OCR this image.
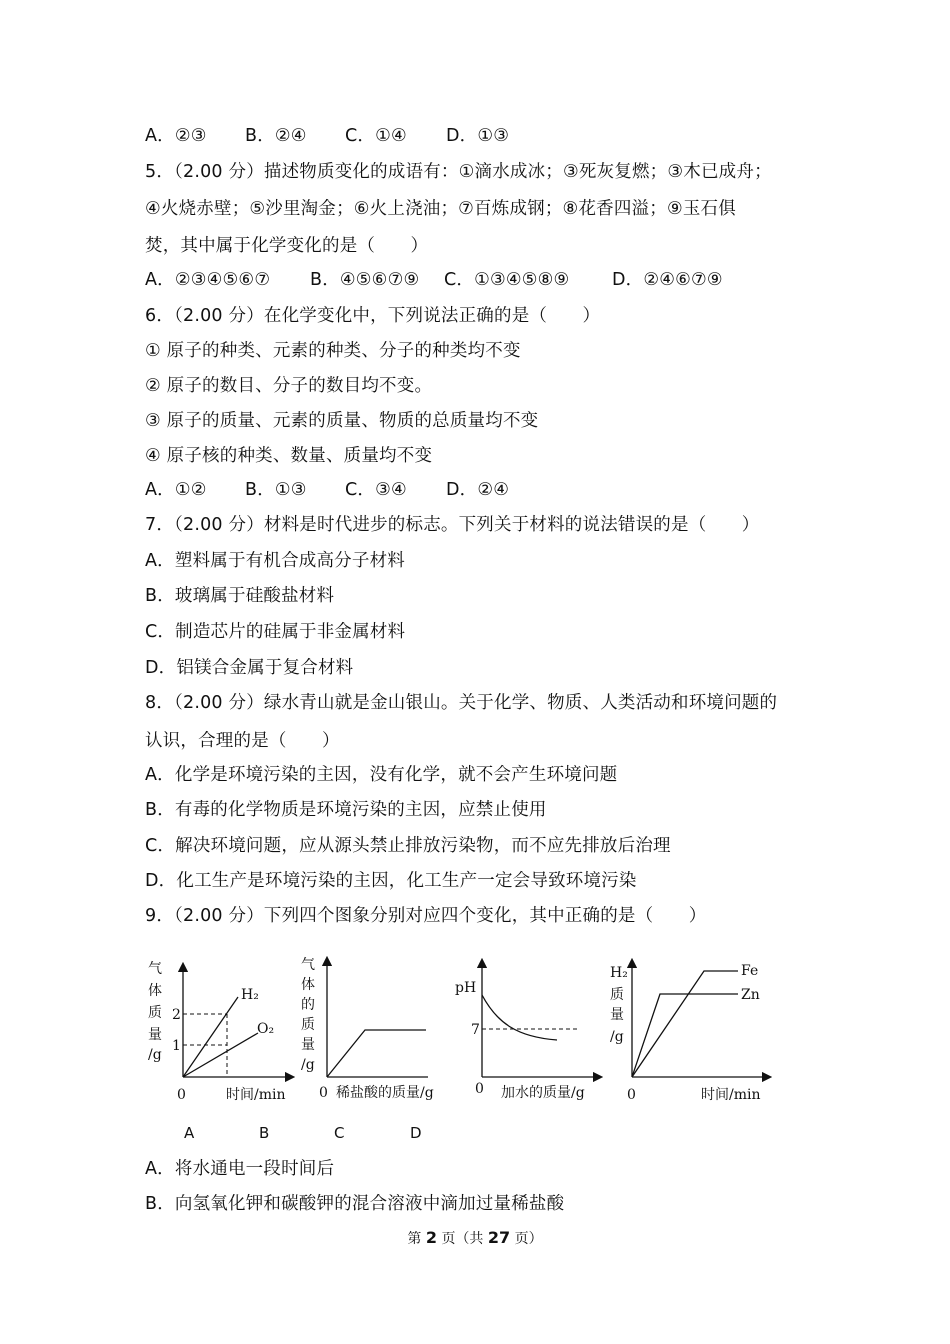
A．②③ B．②④ C．①④ D．①③
5．（2.00 分）描述物质变化的成语有：①滴水成冰；③死灰复燃；③木已成舟；
④火烧赤壁；⑤沙里淘金；⑥火上浇油；⑦百炼成钢；⑧花香四溢；⑨玉石俱
焚，其中属于化学变化的是（　　）
A．②③④⑤⑥⑦ B．④⑤⑥⑦⑨ C．①③④⑤⑧⑨ D．②④⑥⑦⑨
6．（2.00 分）在化学变化中，下列说法正确的是（　　）
① 原子的种类、元素的种类、分子的种类均不变
② 原子的数目、分子的数目均不变。
③ 原子的质量、元素的质量、物质的总质量均不变
④ 原子核的种类、数量、质量均不变
A．①② B．①③ C．③④ D．②④
7．（2.00 分）材料是时代进步的标志。下列关于材料的说法错误的是（　　）
A．塑料属于有机合成高分子材料
B．玻璃属于硅酸盐材料
C．制造芯片的硅属于非金属材料
D．铝镁合金属于复合材料
8．（2.00 分）绿水青山就是金山银山。关于化学、物质、人类活动和环境问题的
认识，合理的是（　　）
A．化学是环境污染的主因，没有化学，就不会产生环境问题
B．有毒的化学物质是环境污染的主因，应禁止使用
C．解决环境问题，应从源头禁止排放污染物，而不应先排放后治理
D．化工生产是环境污染的主因，化工生产一定会导致环境污染
9．（2.00 分）下列四个图象分别对应四个变化，其中正确的是（　　）
气
体
质
量
/g
2
1
0	时间/min
H₂
O₂
气
体
的
质
量
/g
0 稀盐酸的质量/g
pH
7
0 加水的质量/g
H₂
质
量
/g
0	时间/min
Fe
Zn
A	B	C	D
A．将水通电一段时间后
B．向氢氧化钾和碳酸钾的混合溶液中滴加过量稀盐酸
第 2 页（共 27 页）
